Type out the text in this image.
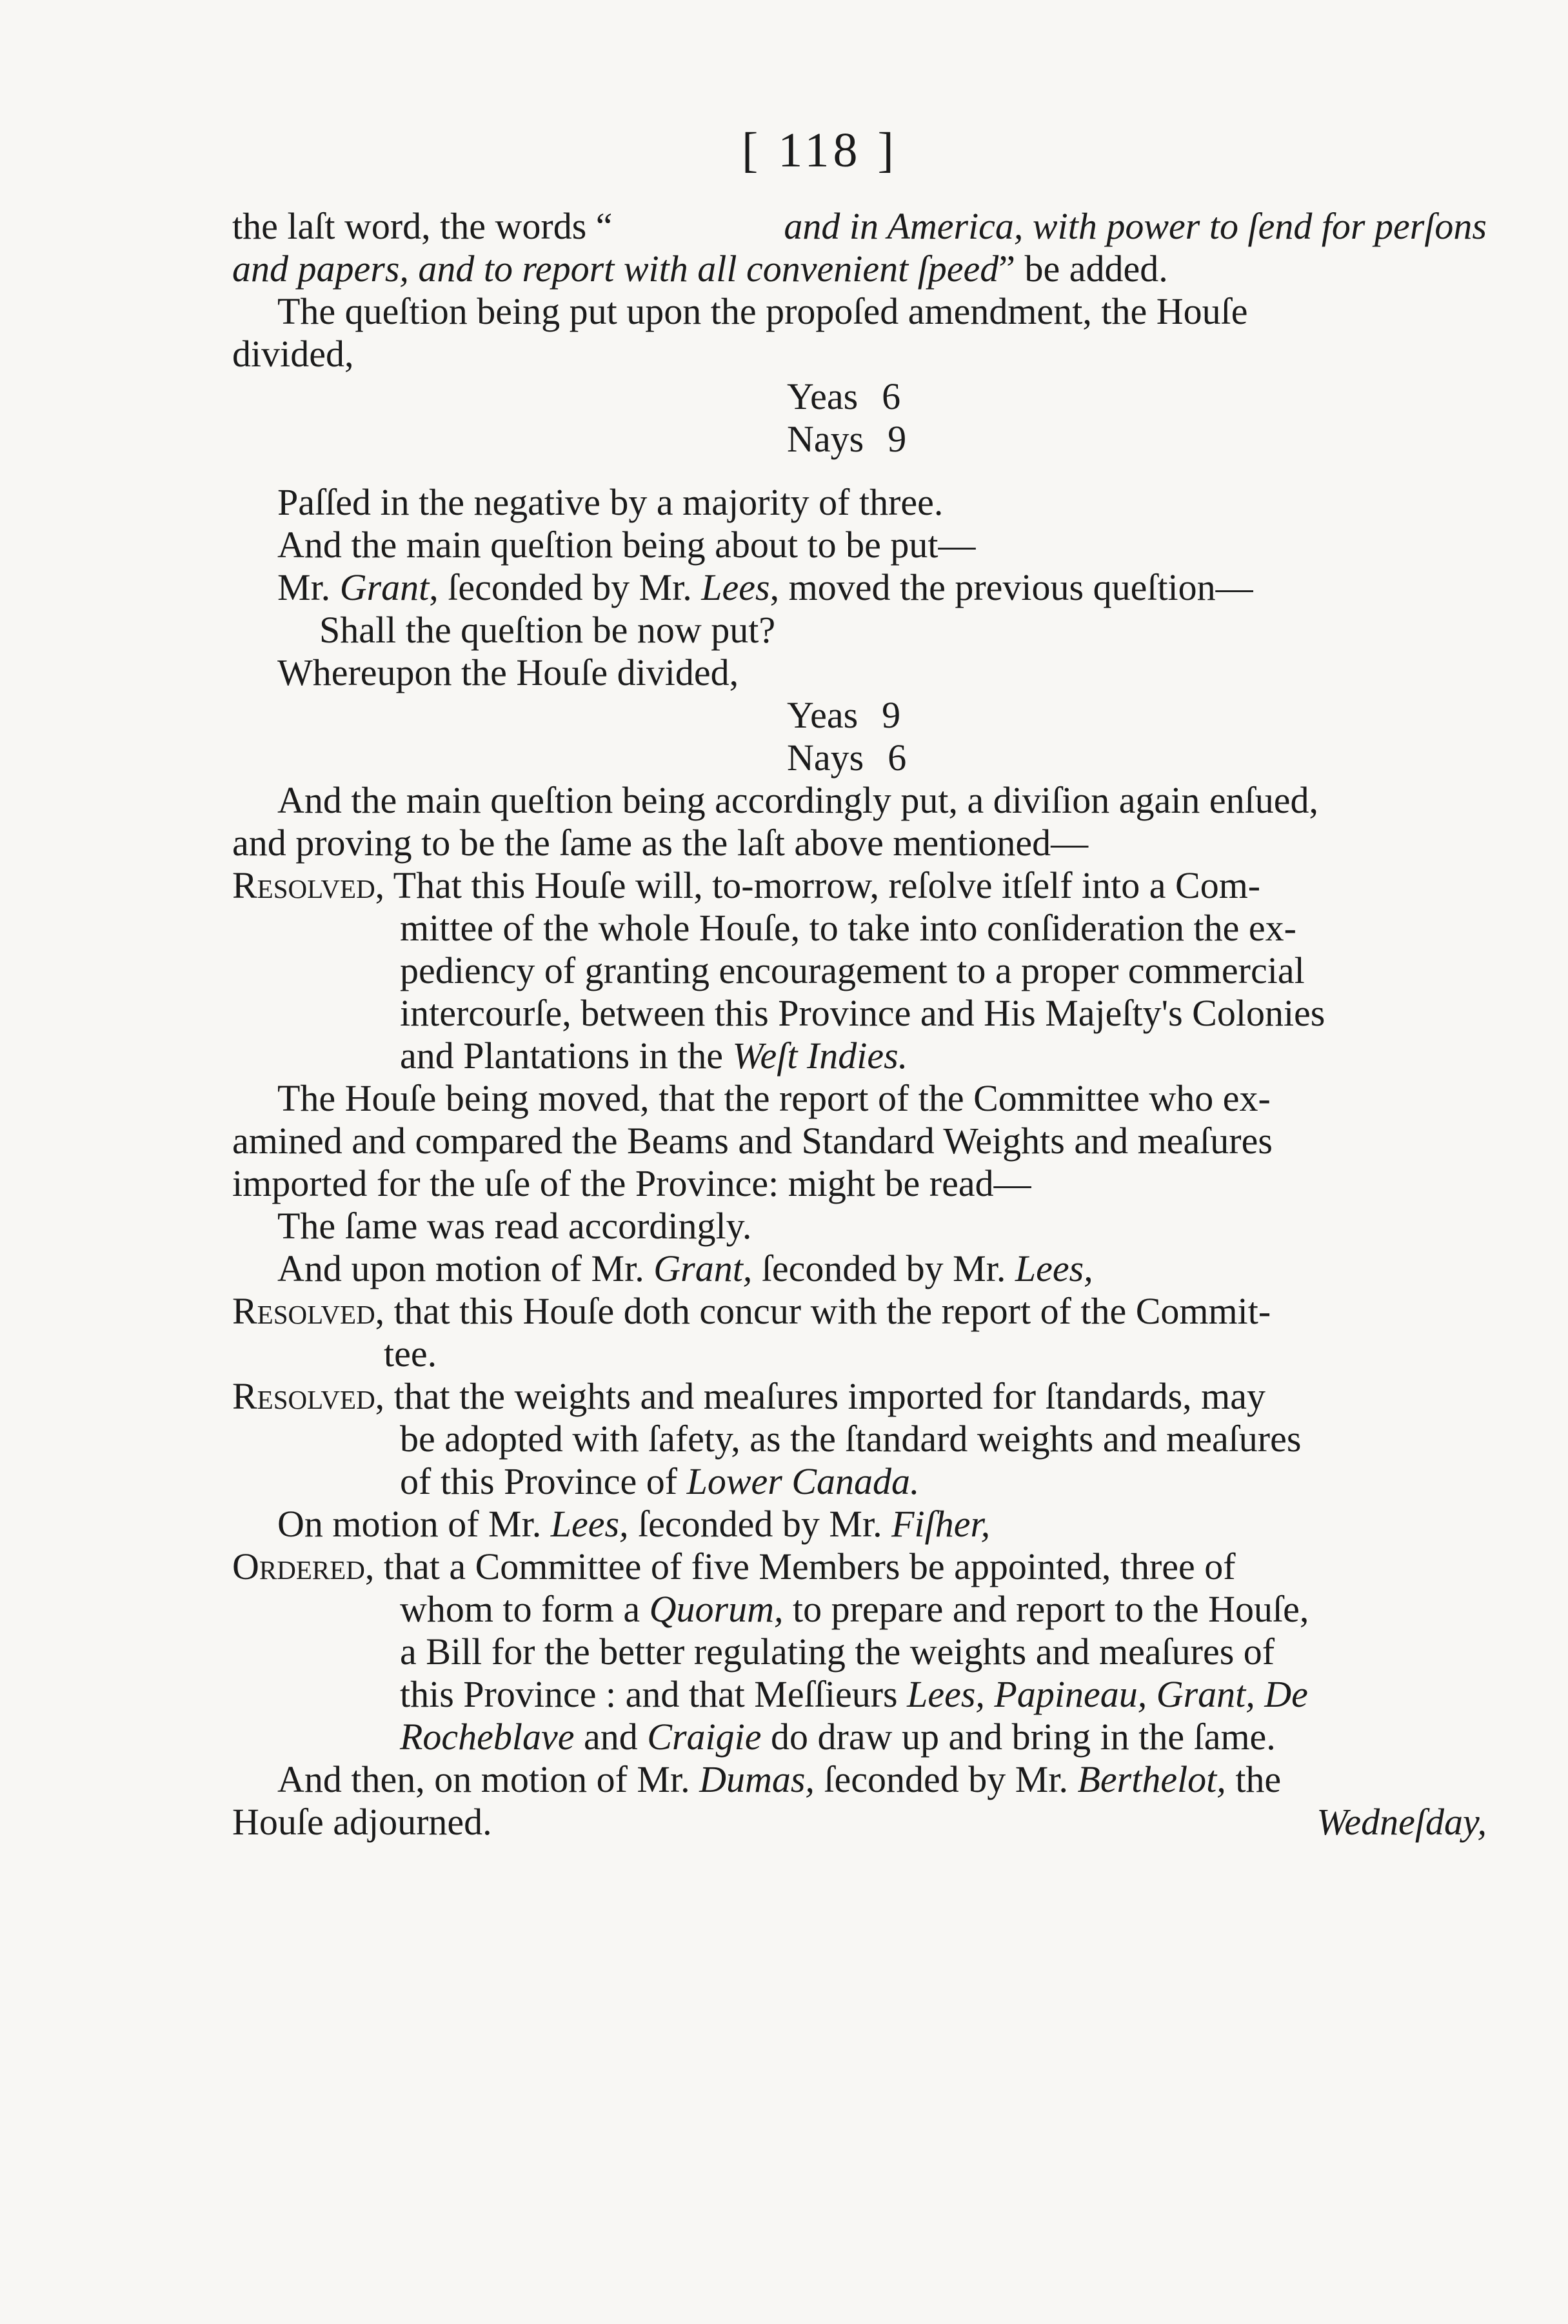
[ 118 ]
the laſt word, the words “	and in America, with power to ſend for perſons
and papers, and to report with all convenient ſpeed” be added.
The queſtion being put upon the propoſed amendment, the Houſe
divided,
Yeas 6
Nays 9
Paſſed in the negative by a majority of three.
And the main queſtion being about to be put—
Mr. Grant, ſeconded by Mr. Lees, moved the previous queſtion—
Shall the queſtion be now put?
Whereupon the Houſe divided,
Yeas 9
Nays 6
And the main queſtion being accordingly put, a diviſion again enſued,
and proving to be the ſame as the laſt above mentioned—
Resolved, That this Houſe will, to-morrow, reſolve itſelf into a Com-
mittee of the whole Houſe, to take into conſideration the ex-
pediency of granting encouragement to a proper commercial
intercourſe, between this Province and His Majeſty's Colonies
and Plantations in the Weſt Indies.
The Houſe being moved, that the report of the Committee who ex-
amined and compared the Beams and Standard Weights and meaſures
imported for the uſe of the Province: might be read—
The ſame was read accordingly.
And upon motion of Mr. Grant, ſeconded by Mr. Lees,
Resolved, that this Houſe doth concur with the report of the Commit-
tee.
Resolved, that the weights and meaſures imported for ſtandards, may
be adopted with ſafety, as the ſtandard weights and meaſures
of this Province of Lower Canada.
On motion of Mr. Lees, ſeconded by Mr. Fiſher,
Ordered, that a Committee of five Members be appointed, three of
whom to form a Quorum, to prepare and report to the Houſe,
a Bill for the better regulating the weights and meaſures of
this Province : and that Meſſieurs Lees, Papineau, Grant, De
Rocheblave and Craigie do draw up and bring in the ſame.
And then, on motion of Mr. Dumas, ſeconded by Mr. Berthelot, the
Houſe adjourned.	Wedneſday,
